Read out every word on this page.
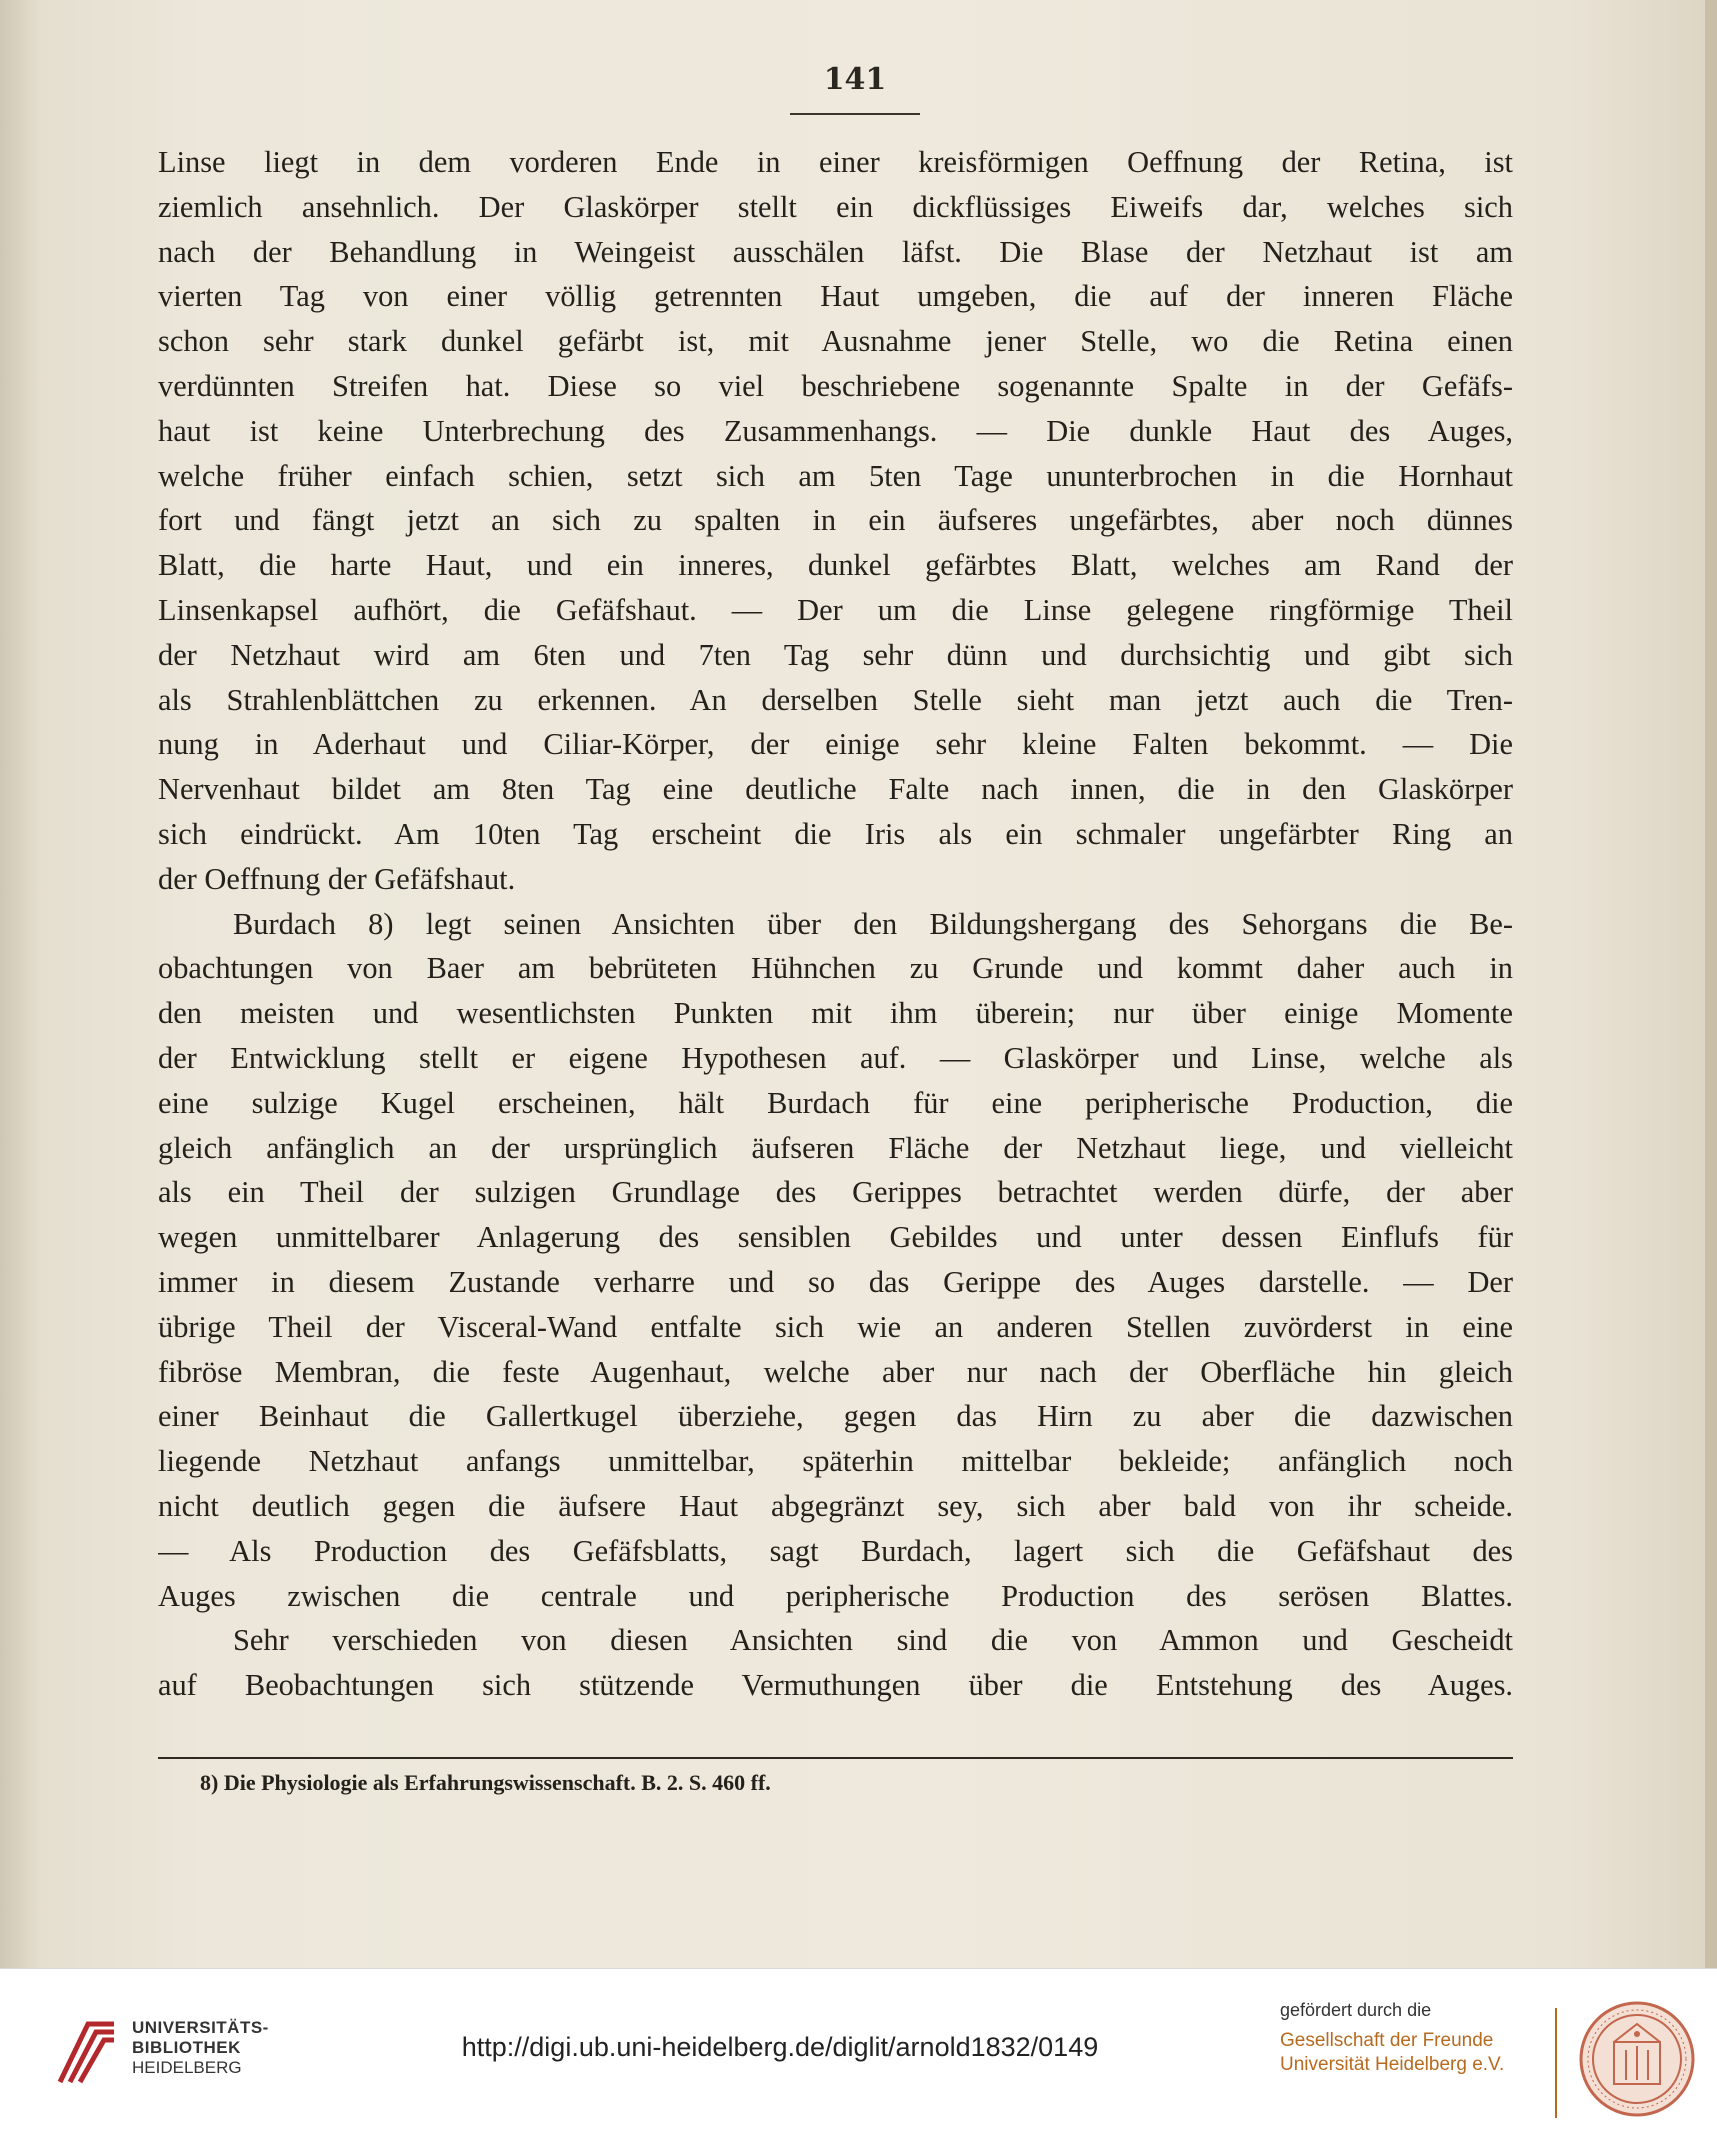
141

Linse liegt in dem vorderen Ende in einer kreisförmigen Oeffnung der Retina, ist
ziemlich ansehnlich. Der Glaskörper stellt ein dickflüssiges Eiweifs dar, welches sich
nach der Behandlung in Weingeist ausschälen läfst. Die Blase der Netzhaut ist am
vierten Tag von einer völlig getrennten Haut umgeben, die auf der inneren Fläche
schon sehr stark dunkel gefärbt ist, mit Ausnahme jener Stelle, wo die Retina einen
verdünnten Streifen hat. Diese so viel beschriebene sogenannte Spalte in der Gefäfs-
haut ist keine Unterbrechung des Zusammenhangs. — Die dunkle Haut des Auges,
welche früher einfach schien, setzt sich am 5ten Tage ununterbrochen in die Hornhaut
fort und fängt jetzt an sich zu spalten in ein äufseres ungefärbtes, aber noch dünnes
Blatt, die harte Haut, und ein inneres, dunkel gefärbtes Blatt, welches am Rand der
Linsenkapsel aufhört, die Gefäfshaut. — Der um die Linse gelegene ringförmige Theil
der Netzhaut wird am 6ten und 7ten Tag sehr dünn und durchsichtig und gibt sich
als Strahlenblättchen zu erkennen. An derselben Stelle sieht man jetzt auch die Tren-
nung in Aderhaut und Ciliar-Körper, der einige sehr kleine Falten bekommt. — Die
Nervenhaut bildet am 8ten Tag eine deutliche Falte nach innen, die in den Glaskörper
sich eindrückt. Am 10ten Tag erscheint die Iris als ein schmaler ungefärbter Ring an
der Oeffnung der Gefäfshaut.

Burdach 8) legt seinen Ansichten über den Bildungshergang des Sehorgans die Be-
obachtungen von Baer am bebrüteten Hühnchen zu Grunde und kommt daher auch in
den meisten und wesentlichsten Punkten mit ihm überein; nur über einige Momente
der Entwicklung stellt er eigene Hypothesen auf. — Glaskörper und Linse, welche als
eine sulzige Kugel erscheinen, hält Burdach für eine peripherische Production, die
gleich anfänglich an der ursprünglich äufseren Fläche der Netzhaut liege, und vielleicht
als ein Theil der sulzigen Grundlage des Gerippes betrachtet werden dürfe, der aber
wegen unmittelbarer Anlagerung des sensiblen Gebildes und unter dessen Einflufs für
immer in diesem Zustande verharre und so das Gerippe des Auges darstelle. — Der
übrige Theil der Visceral-Wand entfalte sich wie an anderen Stellen zuvörderst in eine
fibröse Membran, die feste Augenhaut, welche aber nur nach der Oberfläche hin gleich
einer Beinhaut die Gallertkugel überziehe, gegen das Hirn zu aber die dazwischen
liegende Netzhaut anfangs unmittelbar, späterhin mittelbar bekleide; anfänglich noch
nicht deutlich gegen die äufsere Haut abgegränzt sey, sich aber bald von ihr scheide.
— Als Production des Gefäfsblatts, sagt Burdach, lagert sich die Gefäfshaut des
Auges zwischen die centrale und peripherische Production des serösen Blattes.

Sehr verschieden von diesen Ansichten sind die von Ammon und Gescheidt
auf Beobachtungen sich stützende Vermuthungen über die Entstehung des Auges.

8) Die Physiologie als Erfahrungswissenschaft. B. 2. S. 460 ff.
UNIVERSITÄTS-
BIBLIOTHEK
HEIDELBERG
http://digi.ub.uni-heidelberg.de/diglit/arnold1832/0149
gefördert durch die
Gesellschaft der Freunde
Universität Heidelberg e.V.
